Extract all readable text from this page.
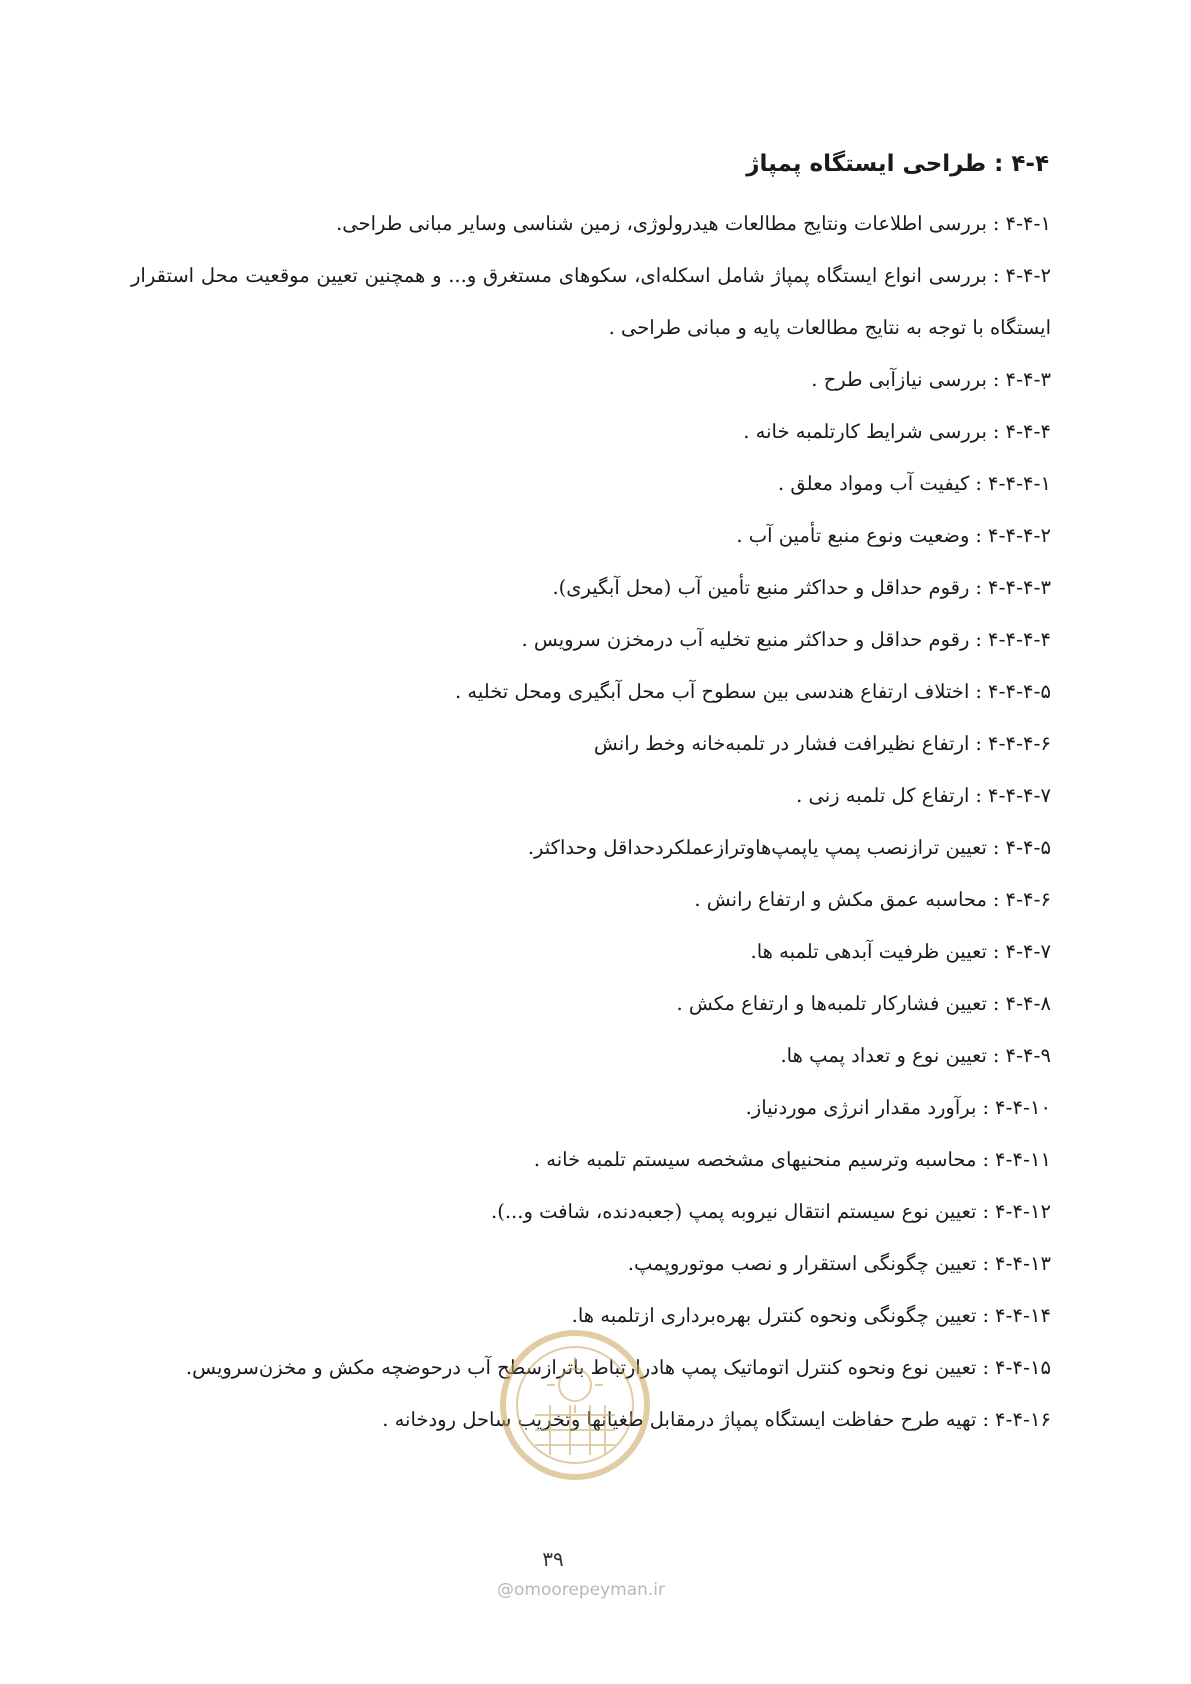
۴-۴ : طراحی ایستگاه پمپاژ
۴-۴-۱:بررسی اطلاعات ونتایج مطالعات هیدرولوژی، زمین شناسی وسایر مبانی طراحی.
۴-۴-۲:بررسی انواع ایستگاه پمپاژ شامل اسکله‌ای، سکوهای مستغرق و... و همچنین تعیین موقعیت محل استقرار ایستگاه با توجه به نتایج مطالعات پایه و مبانی طراحی .
۴-۴-۳:بررسی نیازآبی طرح .
۴-۴-۴:بررسی شرایط کارتلمبه خانه .
۴-۴-۴-۱:کیفیت آب ومواد معلق .
۴-۴-۴-۲:وضعیت ونوع منبع تأمین آب .
۴-۴-۴-۳:رقوم حداقل و حداکثر منبع تأمین آب (محل آبگیری).
۴-۴-۴-۴:رقوم حداقل و حداکثر منبع تخلیه آب درمخزن سرویس .
۴-۴-۴-۵:اختلاف ارتفاع هندسی بین سطوح آب محل آبگیری ومحل تخلیه .
۴-۴-۴-۶:ارتفاع نظیرافت فشار در تلمبه‌خانه وخط رانش
۴-۴-۴-۷:ارتفاع کل تلمبه زنی .
۴-۴-۵:تعیین ترازنصب پمپ یاپمپ‌هاوترازعملکردحداقل وحداکثر.
۴-۴-۶:محاسبه عمق مکش و ارتفاع رانش .
۴-۴-۷:تعیین ظرفیت آبدهی تلمبه ها.
۴-۴-۸:تعیین فشارکار تلمبه‌ها و ارتفاع مکش .
۴-۴-۹:تعیین نوع و تعداد پمپ ها.
۴-۴-۱۰:برآورد مقدار انرژی موردنیاز.
۴-۴-۱۱:محاسبه وترسیم منحنیهای مشخصه سیستم تلمبه خانه .
۴-۴-۱۲:تعیین نوع سیستم انتقال نیروبه پمپ (جعبه‌دنده، شافت و...).
۴-۴-۱۳:تعیین چگونگی استقرار و نصب موتوروپمپ.
۴-۴-۱۴:تعیین چگونگی ونحوه کنترل بهره‌برداری ازتلمبه ها.
۴-۴-۱۵:تعیین نوع ونحوه کنترل اتوماتیک پمپ هادرارتباط باترازسطح آب درحوضچه مکش و مخزن‌سرویس.
۴-۴-۱۶:تهیه طرح حفاظت ایستگاه پمپاژ درمقابل طغیانها وتخریب ساحل رودخانه .
۳۹
@omoorepeyman.ir
